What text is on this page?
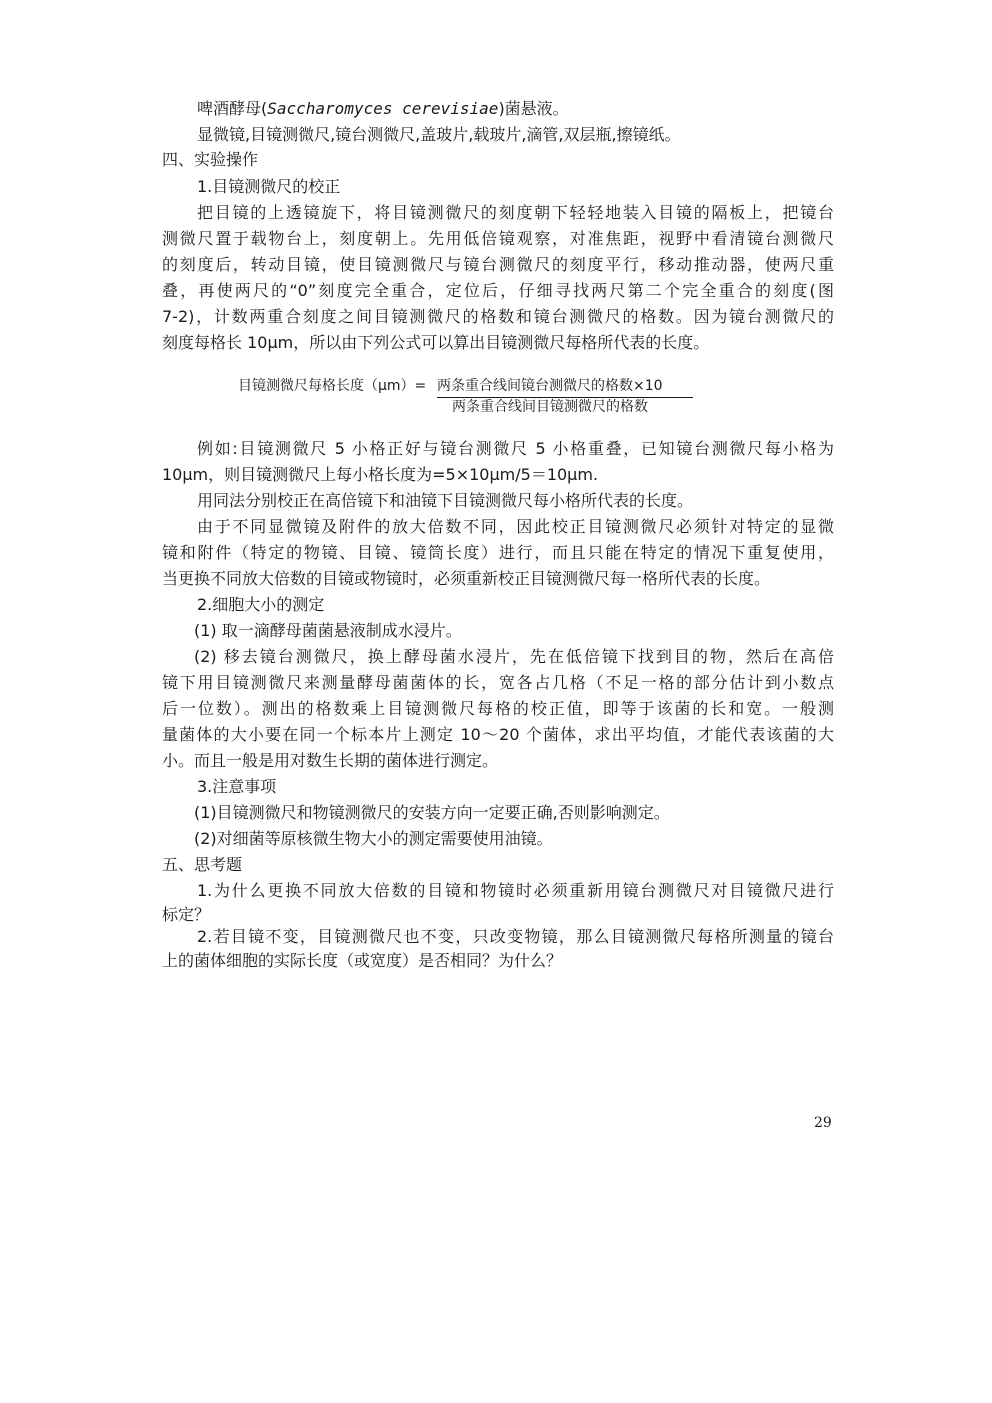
啤酒酵母(Saccharomyces cerevisiae)菌悬液。
显微镜,目镜测微尺,镜台测微尺,盖玻片,载玻片,滴管,双层瓶,擦镜纸。
四、实验操作
1.目镜测微尺的校正
把目镜的上透镜旋下，将目镜测微尺的刻度朝下轻轻地装入目镜的隔板上，把镜台
测微尺置于载物台上，刻度朝上。先用低倍镜观察，对准焦距，视野中看清镜台测微尺
的刻度后，转动目镜，使目镜测微尺与镜台测微尺的刻度平行，移动推动器，使两尺重
叠，再使两尺的“0”刻度完全重合，定位后，仔细寻找两尺第二个完全重合的刻度(图
7-2)，计数两重合刻度之间目镜测微尺的格数和镜台测微尺的格数。因为镜台测微尺的
刻度每格长 10μm，所以由下列公式可以算出目镜测微尺每格所代表的长度。
目镜测微尺每格长度（μm）= 两条重合线间镜台测微尺的格数×10
两条重合线间目镜测微尺的格数
例如:目镜测微尺 5 小格正好与镜台测微尺 5 小格重叠，已知镜台测微尺每小格为
10μm，则目镜测微尺上每小格长度为=5×10μm/5＝10μm.
用同法分别校正在高倍镜下和油镜下目镜测微尺每小格所代表的长度。
由于不同显微镜及附件的放大倍数不同，因此校正目镜测微尺必须针对特定的显微
镜和附件（特定的物镜、目镜、镜筒长度）进行，而且只能在特定的情况下重复使用，
当更换不同放大倍数的目镜或物镜时，必须重新校正目镜测微尺每一格所代表的长度。
2.细胞大小的测定
(1) 取一滴酵母菌菌悬液制成水浸片。
(2) 移去镜台测微尺，换上酵母菌水浸片，先在低倍镜下找到目的物，然后在高倍
镜下用目镜测微尺来测量酵母菌菌体的长，宽各占几格（不足一格的部分估计到小数点
后一位数）。测出的格数乘上目镜测微尺每格的校正值，即等于该菌的长和宽。一般测
量菌体的大小要在同一个标本片上测定 10～20 个菌体，求出平均值，才能代表该菌的大
小。而且一般是用对数生长期的菌体进行测定。
3.注意事项
(1)目镜测微尺和物镜测微尺的安装方向一定要正确,否则影响测定。
(2)对细菌等原核微生物大小的测定需要使用油镜。
五、思考题
1.为什么更换不同放大倍数的目镜和物镜时必须重新用镜台测微尺对目镜微尺进行
标定？
2.若目镜不变，目镜测微尺也不变，只改变物镜，那么目镜测微尺每格所测量的镜台
上的菌体细胞的实际长度（或宽度）是否相同？为什么？
29
